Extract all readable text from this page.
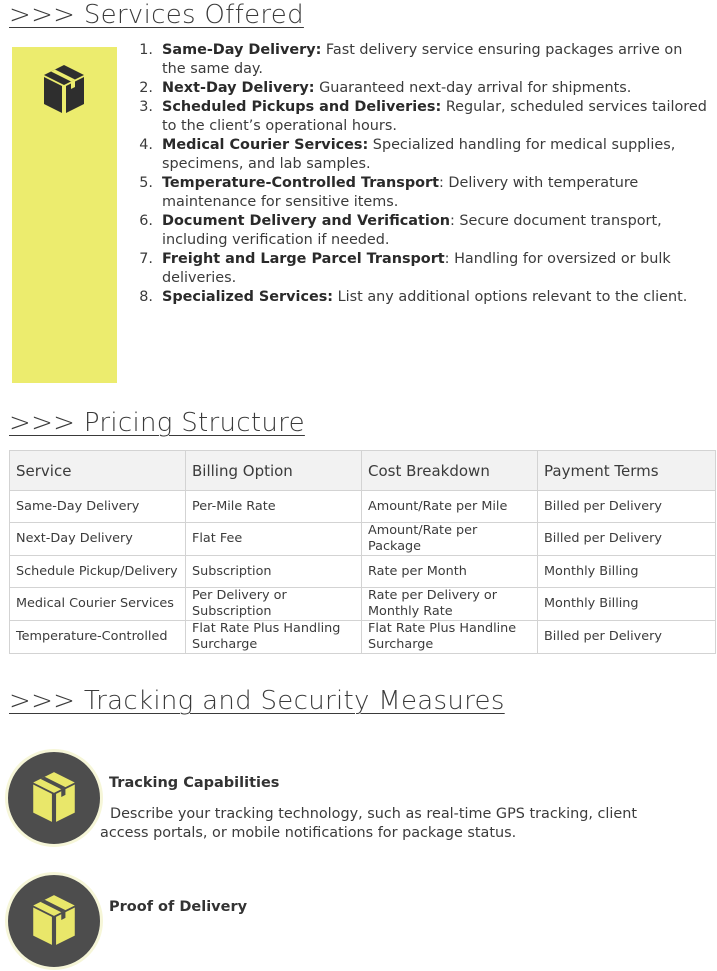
>>> Services Offered
1. Same-Day Delivery: Fast delivery service ensuring packages arrive on the same day.
2. Next-Day Delivery: Guaranteed next-day arrival for shipments.
3. Scheduled Pickups and Deliveries: Regular, scheduled services tailored to the client’s operational hours.
4. Medical Courier Services: Specialized handling for medical supplies, specimens, and lab samples.
5. Temperature-Controlled Transport: Delivery with temperature maintenance for sensitive items.
6. Document Delivery and Verification: Secure document transport, including verification if needed.
7. Freight and Large Parcel Transport: Handling for oversized or bulk deliveries.
8. Specialized Services: List any additional options relevant to the client.
>>> Pricing Structure
Service	Billing Option	Cost Breakdown	Payment Terms
Same-Day Delivery	Per-Mile Rate	Amount/Rate per Mile	Billed per Delivery
Next-Day Delivery	Flat Fee	Amount/Rate per Package	Billed per Delivery
Schedule Pickup/Delivery	Subscription	Rate per Month	Monthly Billing
Medical Courier Services	Per Delivery or Subscription	Rate per Delivery or Monthly Rate	Monthly Billing
Temperature-Controlled	Flat Rate Plus Handling Surcharge	Flat Rate Plus Handline Surcharge	Billed per Delivery
>>> Tracking and Security Measures
Tracking Capabilities
Describe your tracking technology, such as real-time GPS tracking, client access portals, or mobile notifications for package status.
Proof of Delivery
